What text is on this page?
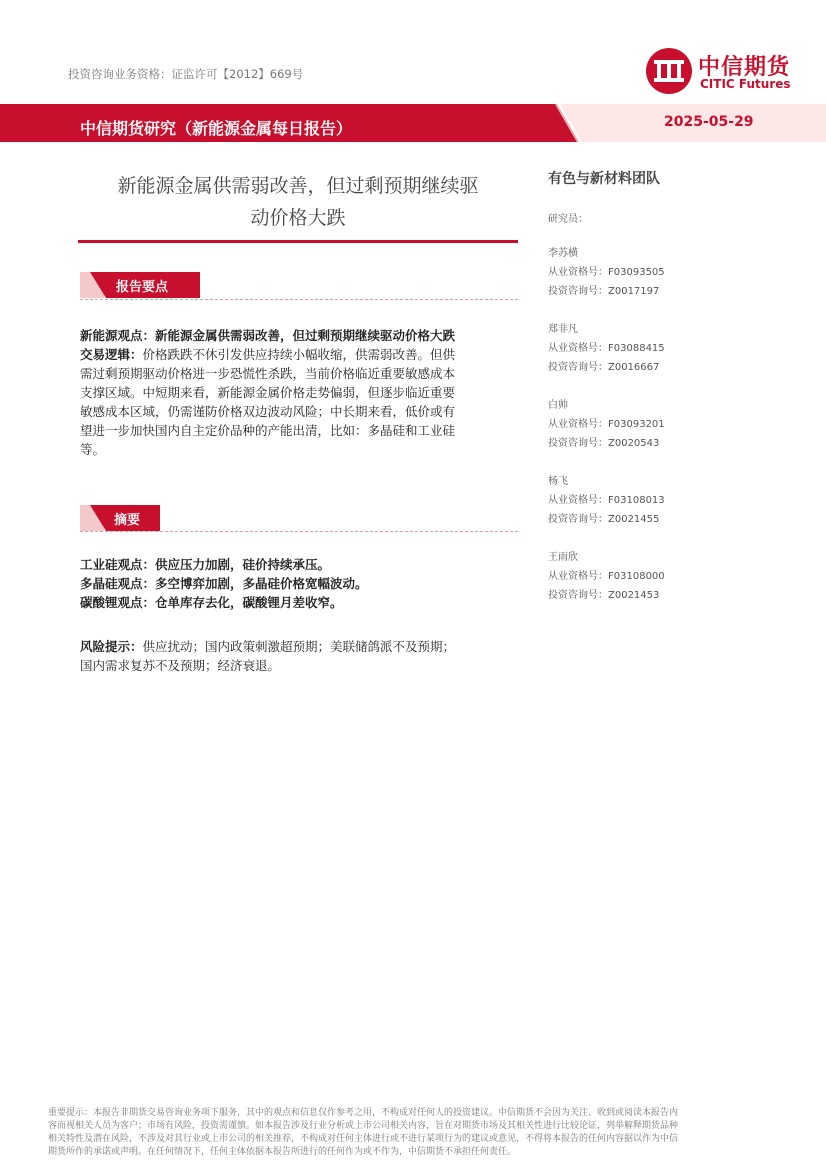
投资咨询业务资格：证监许可【2012】669号	中信期货
CITIC Futures
中信期货研究（新能源金属每日报告）	2025-05-29
新能源金属供需弱改善，但过剩预期继续驱
动价格大跌
报告要点
新能源观点：新能源金属供需弱改善，但过剩预期继续驱动价格大跌
交易逻辑：价格跌跌不休引发供应持续小幅收缩，供需弱改善。但供
需过剩预期驱动价格进一步恐慌性杀跌，当前价格临近重要敏感成本
支撑区域。中短期来看，新能源金属价格走势偏弱，但逐步临近重要
敏感成本区域，仍需谨防价格双边波动风险；中长期来看，低价或有
望进一步加快国内自主定价品种的产能出清，比如：多晶硅和工业硅
等。
摘要
工业硅观点：供应压力加剧，硅价持续承压。
多晶硅观点：多空博弈加剧，多晶硅价格宽幅波动。
碳酸锂观点：仓单库存去化，碳酸锂月差收窄。
风险提示：供应扰动；国内政策刺激超预期；美联储鸽派不及预期；
国内需求复苏不及预期；经济衰退。
有色与新材料团队
研究员：
李苏横
从业资格号：F03093505
投资咨询号：Z0017197
郑非凡
从业资格号：F03088415
投资咨询号：Z0016667
白帅
从业资格号：F03093201
投资咨询号：Z0020543
杨飞
从业资格号：F03108013
投资咨询号：Z0021455
王雨欣
从业资格号：F03108000
投资咨询号：Z0021453
重要提示：本报告非期货交易咨询业务项下服务，其中的观点和信息仅作参考之用，不构成对任何人的投资建议。中信期货不会因为关注、收到或阅读本报告内
容而视相关人员为客户；市场有风险，投资需谨慎。如本报告涉及行业分析或上市公司相关内容，旨在对期货市场及其相关性进行比较论证，列举解释期货品种
相关特性及潜在风险，不涉及对其行业或上市公司的相关推荐，不构成对任何主体进行或不进行某项行为的建议或意见，不得将本报告的任何内容据以作为中信
期货所作的承诺或声明。在任何情况下，任何主体依据本报告所进行的任何作为或不作为，中信期货不承担任何责任。
